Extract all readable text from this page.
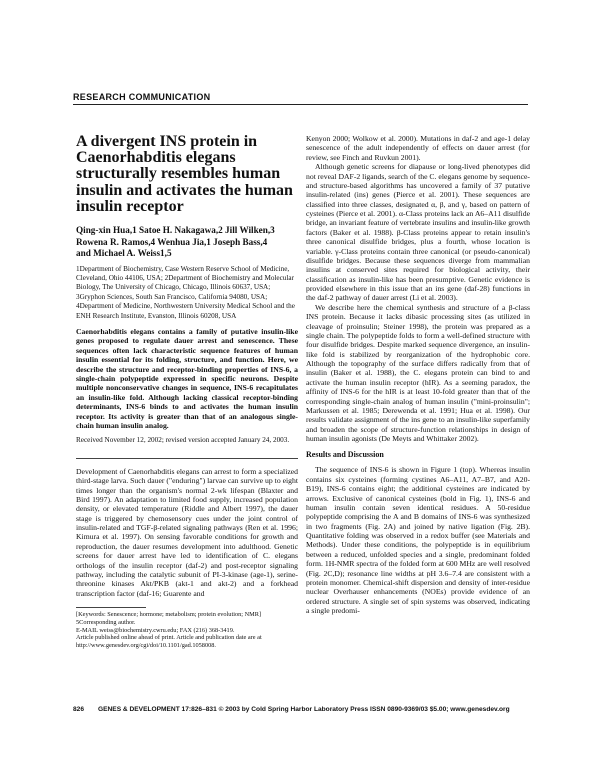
RESEARCH COMMUNICATION
A divergent INS protein in Caenorhabditis elegans structurally resembles human insulin and activates the human insulin receptor
Qing-xin Hua,1 Satoe H. Nakagawa,2 Jill Wilken,3
Rowena R. Ramos,4 Wenhua Jia,1 Joseph Bass,4
and Michael A. Weiss1,5

1Department of Biochemistry, Case Western Reserve School of Medicine, Cleveland, Ohio 44106, USA; 2Department of Biochemistry and Molecular Biology, The University of Chicago, Chicago, Illinois 60637, USA; 3Gryphon Sciences, South San Francisco, California 94080, USA; 4Department of Medicine, Northwestern University Medical School and the ENH Research Institute, Evanston, Illinois 60208, USA

Caenorhabditis elegans contains a family of putative insulin-like genes proposed to regulate dauer arrest and senescence. These sequences often lack characteristic sequence features of human insulin essential for its folding, structure, and function. Here, we describe the structure and receptor-binding properties of INS-6, a single-chain polypeptide expressed in specific neurons. Despite multiple nonconservative changes in sequence, INS-6 recapitulates an insulin-like fold. Although lacking classical receptor-binding determinants, INS-6 binds to and activates the human insulin receptor. Its activity is greater than that of an analogous single-chain human insulin analog.

Received November 12, 2002; revised version accepted January 24, 2003.

Development of Caenorhabditis elegans can arrest to form a specialized third-stage larva. Such dauer ("enduring") larvae can survive up to eight times longer than the organism's normal 2-wk lifespan (Blaxter and Bird 1997). An adaptation to limited food supply, increased population density, or elevated temperature (Riddle and Albert 1997), the dauer stage is triggered by chemosensory cues under the joint control of insulin-related and TGF-β-related signaling pathways (Ren et al. 1996; Kimura et al. 1997). On sensing favorable conditions for growth and reproduction, the dauer resumes development into adulthood. Genetic screens for dauer arrest have led to identification of C. elegans orthologs of the insulin receptor (daf-2) and post-receptor signaling pathway, including the catalytic subunit of PI-3-kinase (age-1), serine-threonine kinases Akt/PKB (akt-1 and akt-2) and a forkhead transcription factor (daf-16; Guarente and

[Keywords: Senescence; hormone; metabolism; protein evolution; NMR]

5Corresponding author.

E-MAIL weiss@biochemistry.cwru.edu; FAX (216) 368-3419.

Article published online ahead of print. Article and publication date are at http://www.genesdev.org/cgi/doi/10.1101/gad.1058008.

Kenyon 2000; Wolkow et al. 2000). Mutations in daf-2 and age-1 delay senescence of the adult independently of effects on dauer arrest (for review, see Finch and Ruvkun 2001).

Although genetic screens for diapause or long-lived phenotypes did not reveal DAF-2 ligands, search of the C. elegans genome by sequence- and structure-based algorithms has uncovered a family of 37 putative insulin-related (ins) genes (Pierce et al. 2001). These sequences are classified into three classes, designated α, β, and γ, based on pattern of cysteines (Pierce et al. 2001). α-Class proteins lack an A6–A11 disulfide bridge, an invariant feature of vertebrate insulins and insulin-like growth factors (Baker et al. 1988). β-Class proteins appear to retain insulin's three canonical disulfide bridges, plus a fourth, whose location is variable. γ-Class proteins contain three canonical (or pseudo-canonical) disulfide bridges. Because these sequences diverge from mammalian insulins at conserved sites required for biological activity, their classification as insulin-like has been presumptive. Genetic evidence is provided elsewhere in this issue that an ins gene (daf-28) functions in the daf-2 pathway of dauer arrest (Li et al. 2003).

We describe here the chemical synthesis and structure of a β-class INS protein. Because it lacks dibasic processing sites (as utilized in cleavage of proinsulin; Steiner 1998), the protein was prepared as a single chain. The polypeptide folds to form a well-defined structure with four disulfide bridges. Despite marked sequence divergence, an insulin-like fold is stabilized by reorganization of the hydrophobic core. Although the topography of the surface differs radically from that of insulin (Baker et al. 1988), the C. elegans protein can bind to and activate the human insulin receptor (hIR). As a seeming paradox, the affinity of INS-6 for the hIR is at least 10-fold greater than that of the corresponding single-chain analog of human insulin ("mini-proinsulin"; Markussen et al. 1985; Derewenda et al. 1991; Hua et al. 1998). Our results validate assignment of the ins gene to an insulin-like superfamily and broaden the scope of structure-function relationships in design of human insulin agonists (De Meyts and Whittaker 2002).

Results and Discussion

The sequence of INS-6 is shown in Figure 1 (top). Whereas insulin contains six cysteines (forming cystines A6–A11, A7–B7, and A20-B19), INS-6 contains eight; the additional cysteines are indicated by arrows. Exclusive of canonical cysteines (bold in Fig. 1), INS-6 and human insulin contain seven identical residues. A 50-residue polypeptide comprising the A and B domains of INS-6 was synthesized in two fragments (Fig. 2A) and joined by native ligation (Fig. 2B). Quantitative folding was observed in a redox buffer (see Materials and Methods). Under these conditions, the polypeptide is in equilibrium between a reduced, unfolded species and a single, predominant folded form. 1H-NMR spectra of the folded form at 600 MHz are well resolved (Fig. 2C,D); resonance line widths at pH 3.6–7.4 are consistent with a protein monomer. Chemical-shift dispersion and density of inter-residue nuclear Overhauser enhancements (NOEs) provide evidence of an ordered structure. A single set of spin systems was observed, indicating a single predomi-

826 GENES & DEVELOPMENT 17:826–831 © 2003 by Cold Spring Harbor Laboratory Press ISSN 0890-9369/03 $5.00; www.genesdev.org
